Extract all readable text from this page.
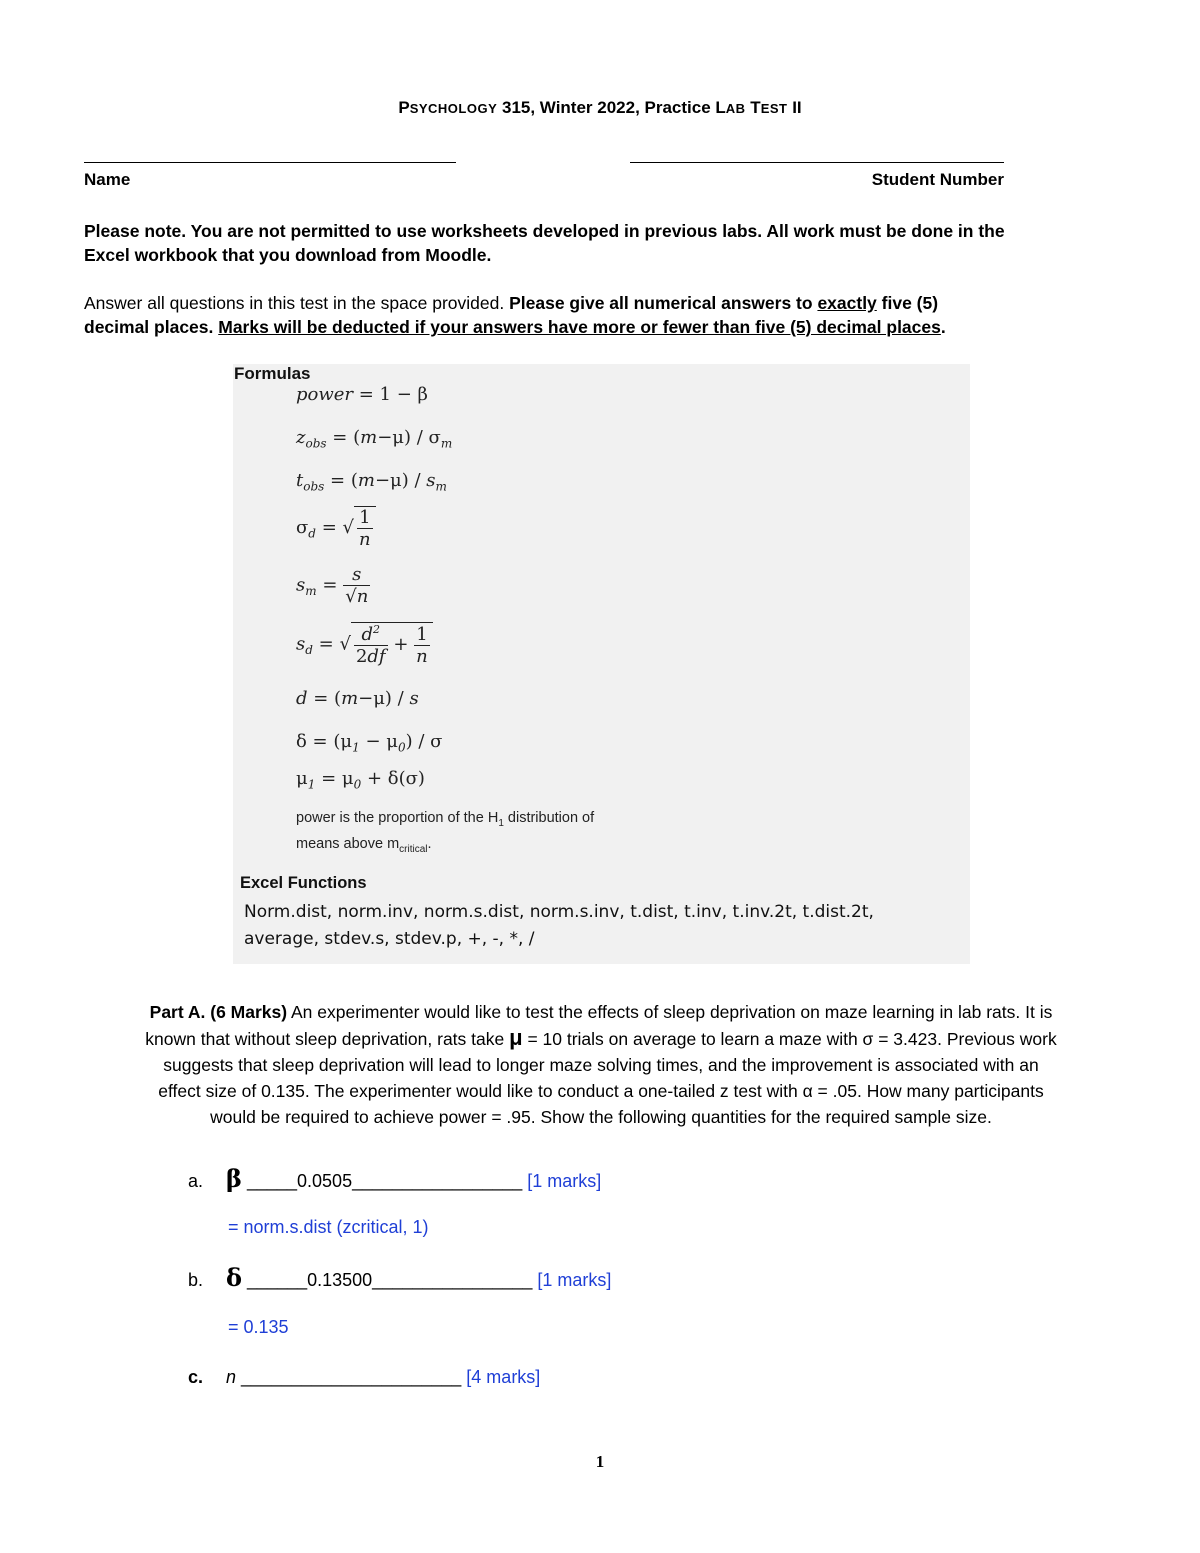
PSYCHOLOGY 315, Winter 2022, Practice LAB TEST II
Name	Student Number
Please note. You are not permitted to use worksheets developed in previous labs. All work must be done in the
Excel workbook that you download from Moodle.
Answer all questions in this test in the space provided. Please give all numerical answers to exactly five (5)
decimal places. Marks will be deducted if your answers have more or fewer than five (5) decimal places.
Formulas
power = 1 − β
$z_{obs} = (m-\mu) / \sigma_m$
$t_{obs} = (m-\mu) / s_m$
$\sigma_d$ = √ $\frac{1}{n}$
$s_m = \frac{s}{√n}$
$s_d$ = √ $\frac{d^2}{2df} + \frac{1}{n}$
d = (m−μ) / s
$\delta = (\mu_1 - \mu_0) / \sigma$
$\mu_1 = \mu_0 + \delta(\sigma)$
power is the proportion of the $H_1$ distribution of
means above $m_{critical}$.
Excel Functions
Norm.dist, norm.inv, norm.s.dist, norm.s.inv, t.dist, t.inv, t.inv.2t, t.dist.2t,
average, stdev.s, stdev.p, +, -, *, /
Part A. (6 Marks) An experimenter would like to test the effects of sleep deprivation on maze learning in lab rats. It is
known that without sleep deprivation, rats take μ = 10 trials on average to learn a maze with σ = 3.423. Previous work
suggests that sleep deprivation will lead to longer maze solving times, and the improvement is associated with an
effect size of 0.135. The experimenter would like to conduct a one-tailed z test with α = .05. How many participants
would be required to achieve power = .95. Show the following quantities for the required sample size.
a. β _____0.0505_________________ [1 marks]
= norm.s.dist (zcritical, 1)
b. δ ______0.13500________________ [1 marks]
= 0.135
c. n ______________________ [4 marks]
1
